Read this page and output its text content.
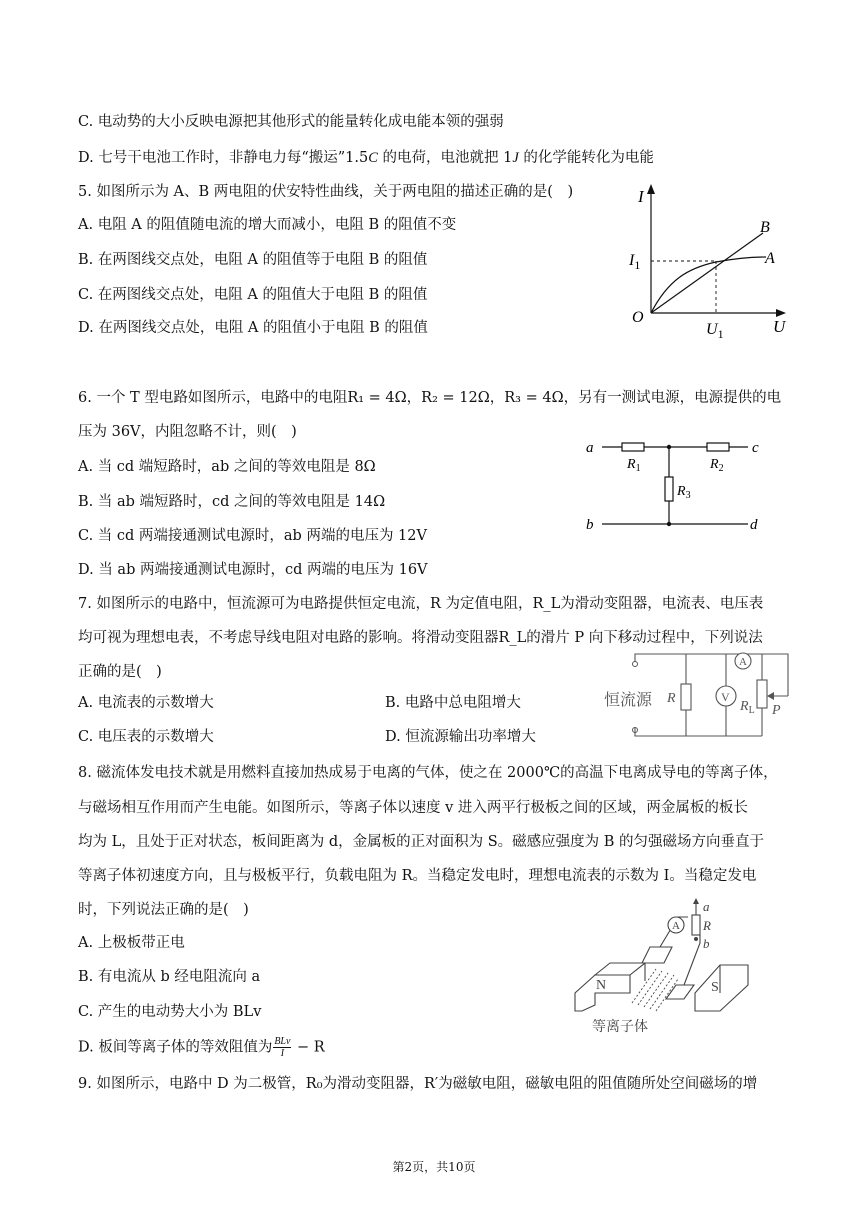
C. 电动势的大小反映电源把其他形式的能量转化成电能本领的强弱
D. 七号干电池工作时，非静电力每“搬运”1.5C 的电荷，电池就把 1J 的化学能转化为电能
5. 如图所示为 A、B 两电阻的伏安特性曲线，关于两电阻的描述正确的是(　)
A. 电阻 A 的阻值随电流的增大而减小，电阻 B 的阻值不变
B. 在两图线交点处，电阻 A 的阻值等于电阻 B 的阻值
C. 在两图线交点处，电阻 A 的阻值大于电阻 B 的阻值
D. 在两图线交点处，电阻 A 的阻值小于电阻 B 的阻值
I
U
O
$I_1$
$U_1$
B
A
6. 一个 T 型电路如图所示，电路中的电阻R₁ = 4Ω，R₂ = 12Ω，R₃ = 4Ω，另有一测试电源，电源提供的电
压为 36V，内阻忽略不计，则(　)
A. 当 cd 端短路时，ab 之间的等效电阻是 8Ω
B. 当 ab 端短路时，cd 之间的等效电阻是 14Ω
C. 当 cd 两端接通测试电源时，ab 两端的电压为 12V
D. 当 ab 两端接通测试电源时，cd 两端的电压为 16V
a	c
b	d
$R_1$	$R_2$
$R_3$
7. 如图所示的电路中，恒流源可为电路提供恒定电流，R 为定值电阻，R_L为滑动变阻器，电流表、电压表
均可视为理想电表，不考虑导线电阻对电路的影响。将滑动变阻器R_L的滑片 P 向下移动过程中，下列说法
正确的是(　)
A. 电流表的示数增大	B. 电路中总电阻增大
C. 电压表的示数增大	D. 恒流源输出功率增大
恒流源 R	V
A
$R_L$ P
8. 磁流体发电技术就是用燃料直接加热成易于电离的气体，使之在 2000℃的高温下电离成导电的等离子体，
与磁场相互作用而产生电能。如图所示，等离子体以速度 v 进入两平行极板之间的区域，两金属板的板长
均为 L，且处于正对状态，板间距离为 d，金属板的正对面积为 S。磁感应强度为 B 的匀强磁场方向垂直于
等离子体初速度方向，且与极板平行，负载电阻为 R。当稳定发电时，理想电流表的示数为 I。当稳定发电
时，下列说法正确的是(　)
A. 上极板带正电
B. 有电流从 b 经电阻流向 a
C. 产生的电动势大小为 BLv
D. 板间等离子体的等效阻值为 $\frac{\text{BLv}}{I} - R$
N	S
A
a
R
b
等离子体
9. 如图所示，电路中 D 为二极管，R₀为滑动变阻器，R′为磁敏电阻，磁敏电阻的阻值随所处空间磁场的增
第2页，共10页
